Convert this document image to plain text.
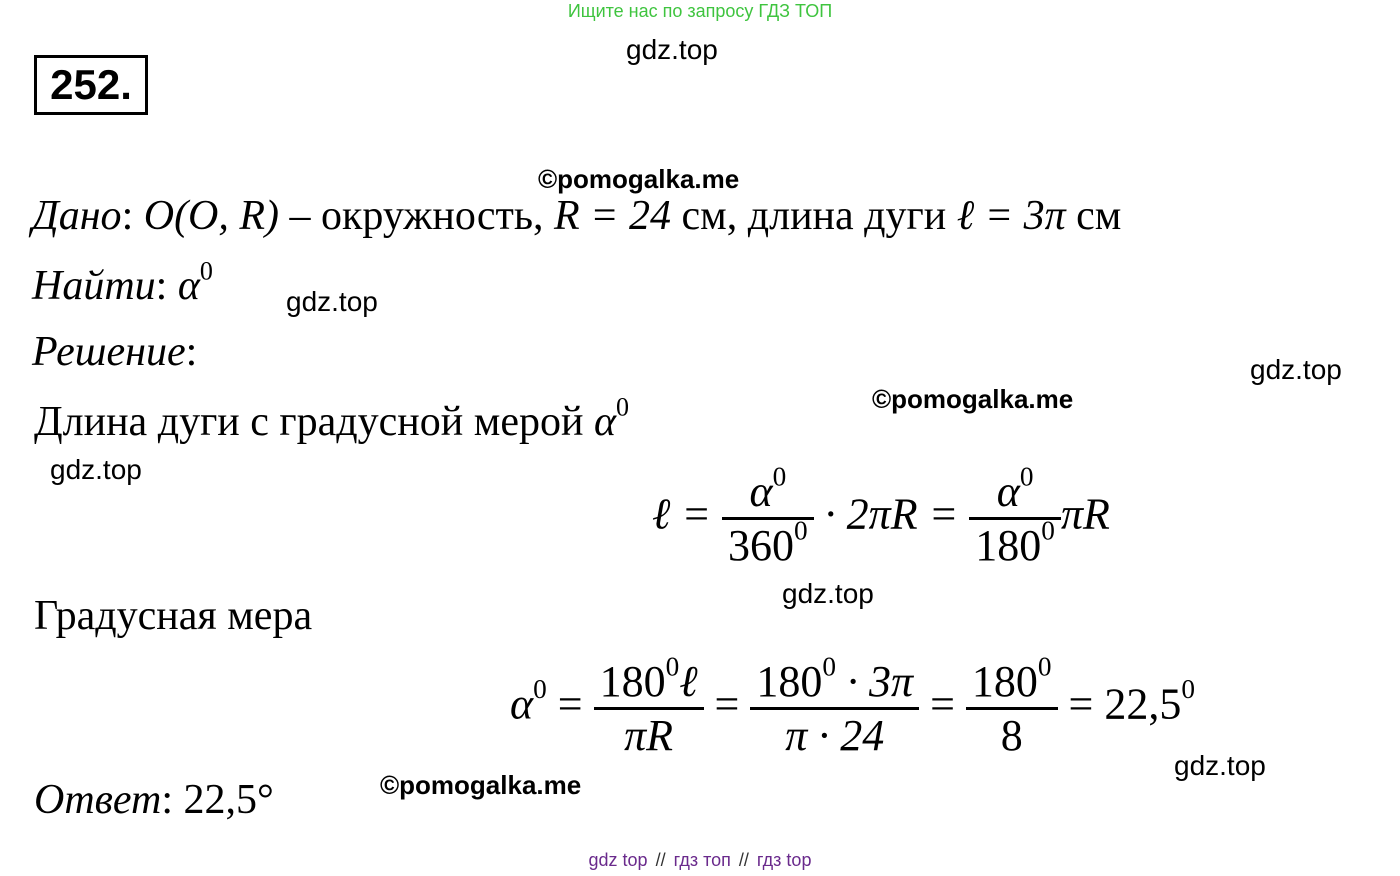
Ищите нас по запросу ГДЗ ТОП
252.
gdz.top
©pomogalka.me
gdz.top
gdz.top
©pomogalka.me
gdz.top
gdz.top
gdz.top
©pomogalka.me
Дано: O(O, R) – окружность, R = 24 см, длина дуги ℓ = 3π см
Найти: $\alpha^0$
Решение:
Длина дуги с градусной мерой $\alpha^0$
ℓ = $\frac{\alpha^0}{360^0} \cdot 2\pi R = \frac{\alpha^0}{180^0}$ πR
Градусная мера
$\alpha^0 = \frac{180^0\ell}{\pi R} = \frac{180^0 \cdot 3\pi}{\pi \cdot 24} = \frac{180^0}{8} = 22,5^0$
Ответ: 22,5°
gdz top // гдз топ // гдз top
